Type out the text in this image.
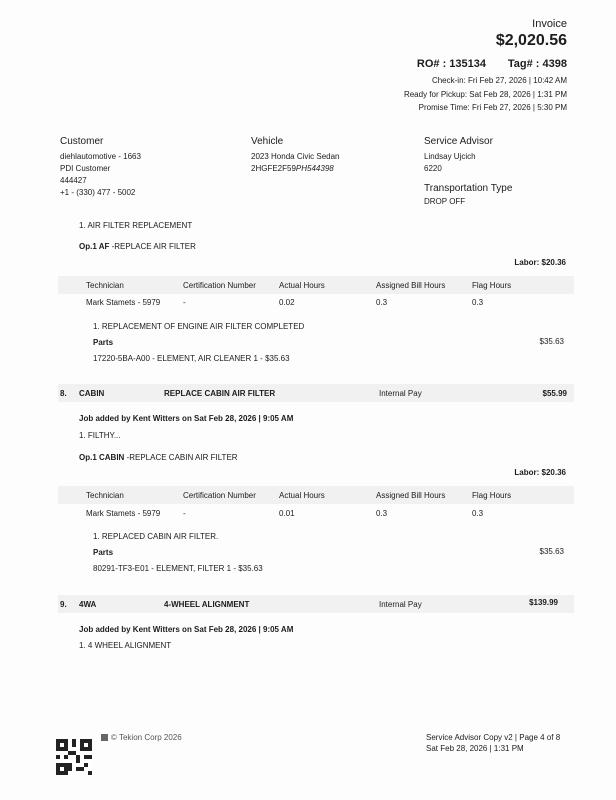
Invoice
$2,020.56
RO# : 135134 Tag# : 4398
Check-in: Fri Feb 27, 2026 | 10:42 AM
Ready for Pickup: Sat Feb 28, 2026 | 1:31 PM
Promise Time: Fri Feb 27, 2026 | 5:30 PM
Customer
diehlautomotive - 1663
PDI Customer
444427
+1 - (330) 477 - 5002
Vehicle
2023 Honda Civic Sedan
2HGFE2F59PH544398
Service Advisor
Lindsay Ujcich
6220
Transportation Type
DROP OFF
1. AIR FILTER REPLACEMENT
Op.1 AF -REPLACE AIR FILTER
Labor: $20.36
Technician	Certification Number	Actual Hours	Assigned Bill Hours	Flag Hours
Mark Stamets - 5979	-	0.02	0.3	0.3
1. REPLACEMENT OF ENGINE AIR FILTER COMPLETED
Parts	$35.63
17220-5BA-A00 - ELEMENT, AIR CLEANER 1 - $35.63
8. CABIN	REPLACE CABIN AIR FILTER	Internal Pay	$55.99
Job added by Kent Witters on Sat Feb 28, 2026 | 9:05 AM
1. FILTHY...
Op.1 CABIN -REPLACE CABIN AIR FILTER
Labor: $20.36
Technician	Certification Number	Actual Hours	Assigned Bill Hours	Flag Hours
Mark Stamets - 5979	-	0.01	0.3	0.3
1. REPLACED CABIN AIR FILTER.
Parts	$35.63
80291-TF3-E01 - ELEMENT, FILTER 1 - $35.63
9. 4WA	4-WHEEL ALIGNMENT	Internal Pay	$139.99
Job added by Kent Witters on Sat Feb 28, 2026 | 9:05 AM
1. 4 WHEEL ALIGNMENT
© Tekion Corp 2026	Service Advisor Copy v2 | Page 4 of 8
Sat Feb 28, 2026 | 1:31 PM
